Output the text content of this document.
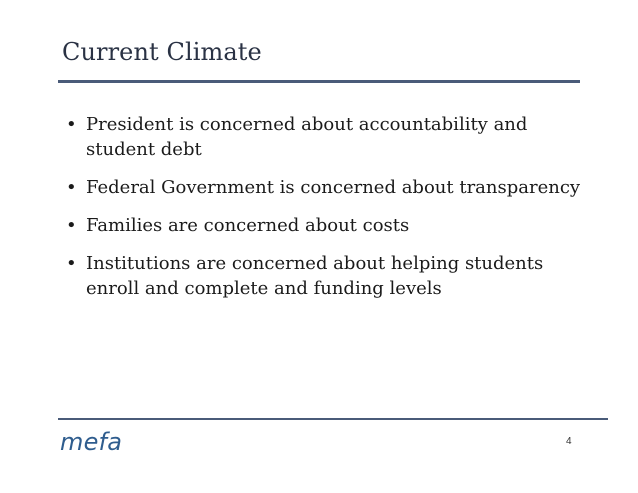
Current Climate
• President is concerned about accountability and student debt
• Federal Government is concerned about transparency
• Families are concerned about costs
• Institutions are concerned about helping students enroll and complete and funding levels
mefa	4
